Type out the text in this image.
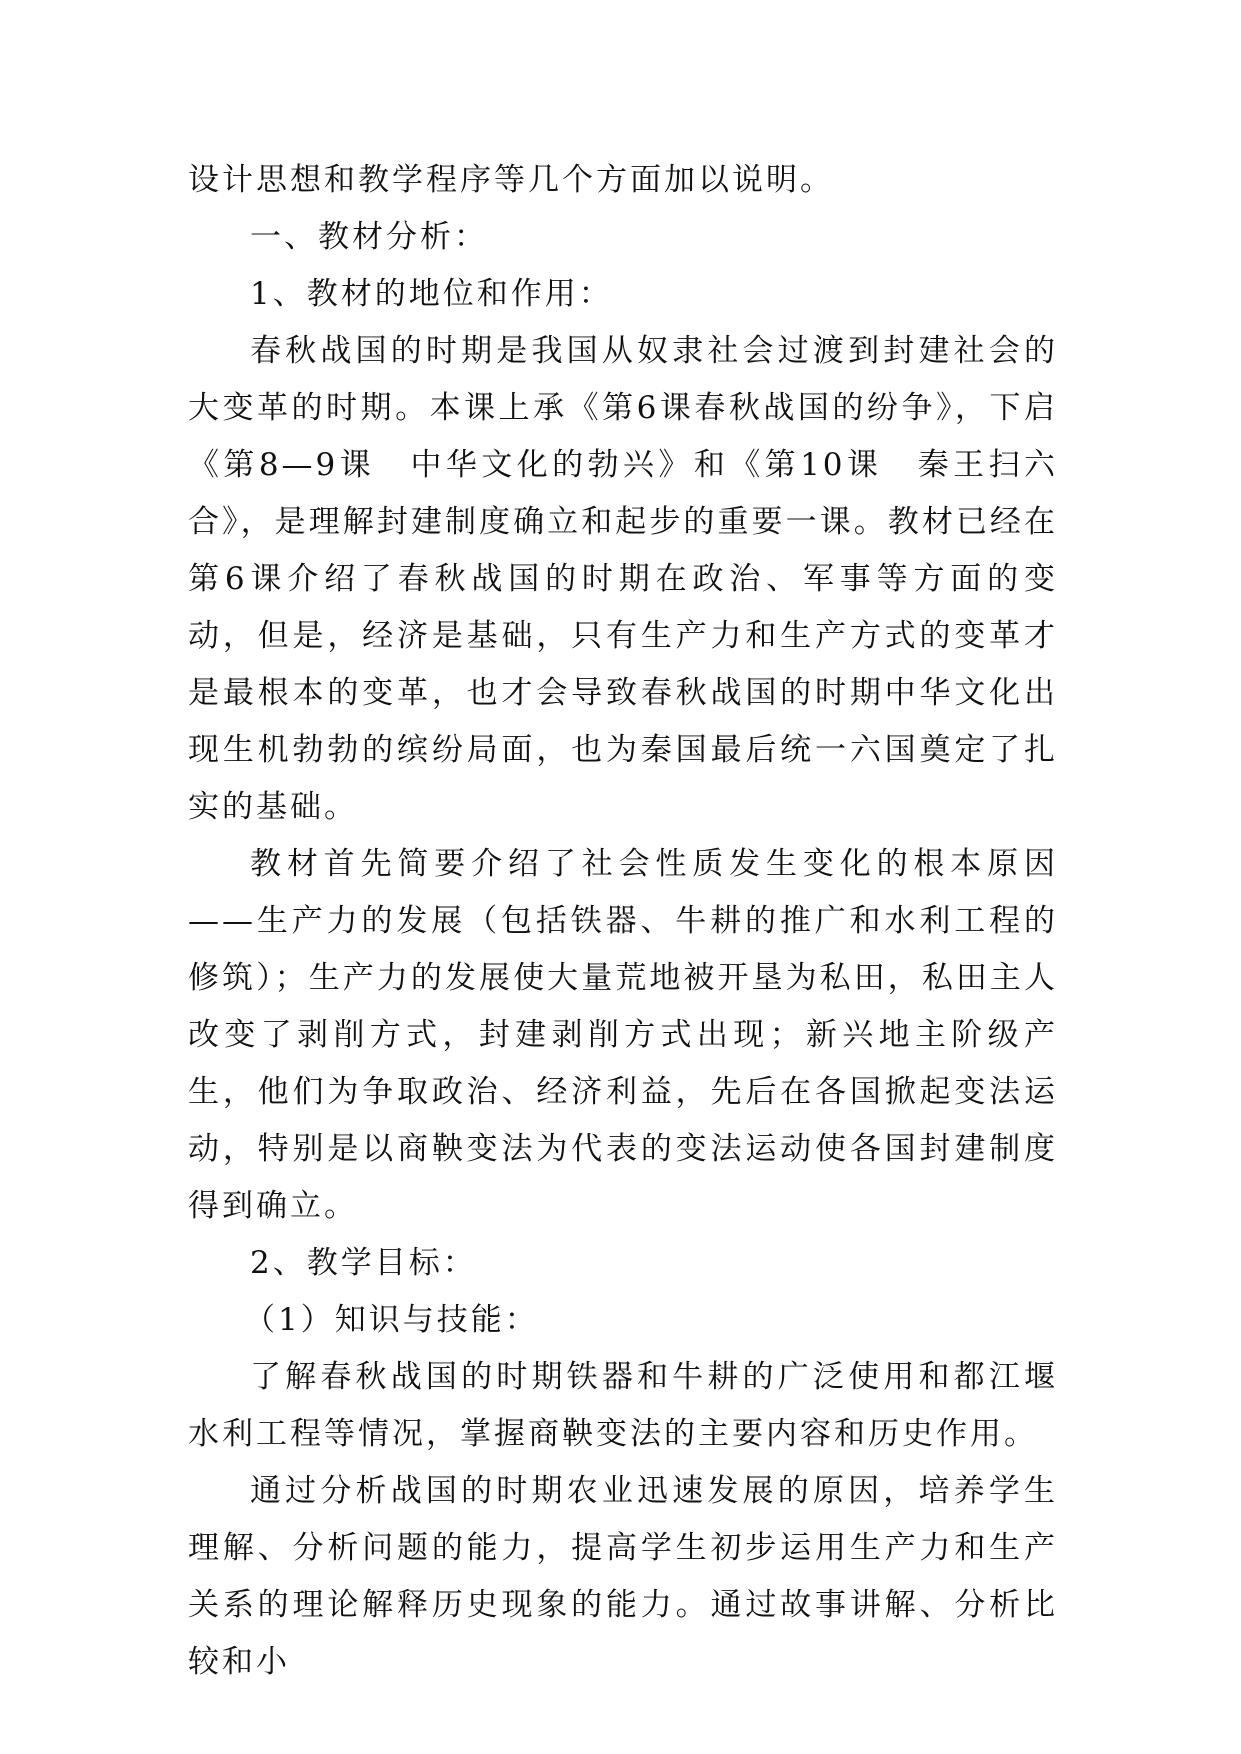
设计思想和教学程序等几个方面加以说明。

一、教材分析：

1、教材的地位和作用：

春秋战国的时期是我国从奴隶社会过渡到封建社会的大变革的时期。本课上承《第6课春秋战国的纷争》，下启《第8—9课　中华文化的勃兴》和《第10课　秦王扫六合》，是理解封建制度确立和起步的重要一课。教材已经在第6课介绍了春秋战国的时期在政治、军事等方面的变动，但是，经济是基础，只有生产力和生产方式的变革才是最根本的变革，也才会导致春秋战国的时期中华文化出现生机勃勃的缤纷局面，也为秦国最后统一六国奠定了扎实的基础。

教材首先简要介绍了社会性质发生变化的根本原因——生产力的发展（包括铁器、牛耕的推广和水利工程的修筑）；生产力的发展使大量荒地被开垦为私田，私田主人改变了剥削方式，封建剥削方式出现；新兴地主阶级产生，他们为争取政治、经济利益，先后在各国掀起变法运动，特别是以商鞅变法为代表的变法运动使各国封建制度得到确立。

2、教学目标：

（1）知识与技能：

了解春秋战国的时期铁器和牛耕的广泛使用和都江堰水利工程等情况，掌握商鞅变法的主要内容和历史作用。

通过分析战国的时期农业迅速发展的原因，培养学生理解、分析问题的能力，提高学生初步运用生产力和生产关系的理论解释历史现象的能力。通过故事讲解、分析比较和小
